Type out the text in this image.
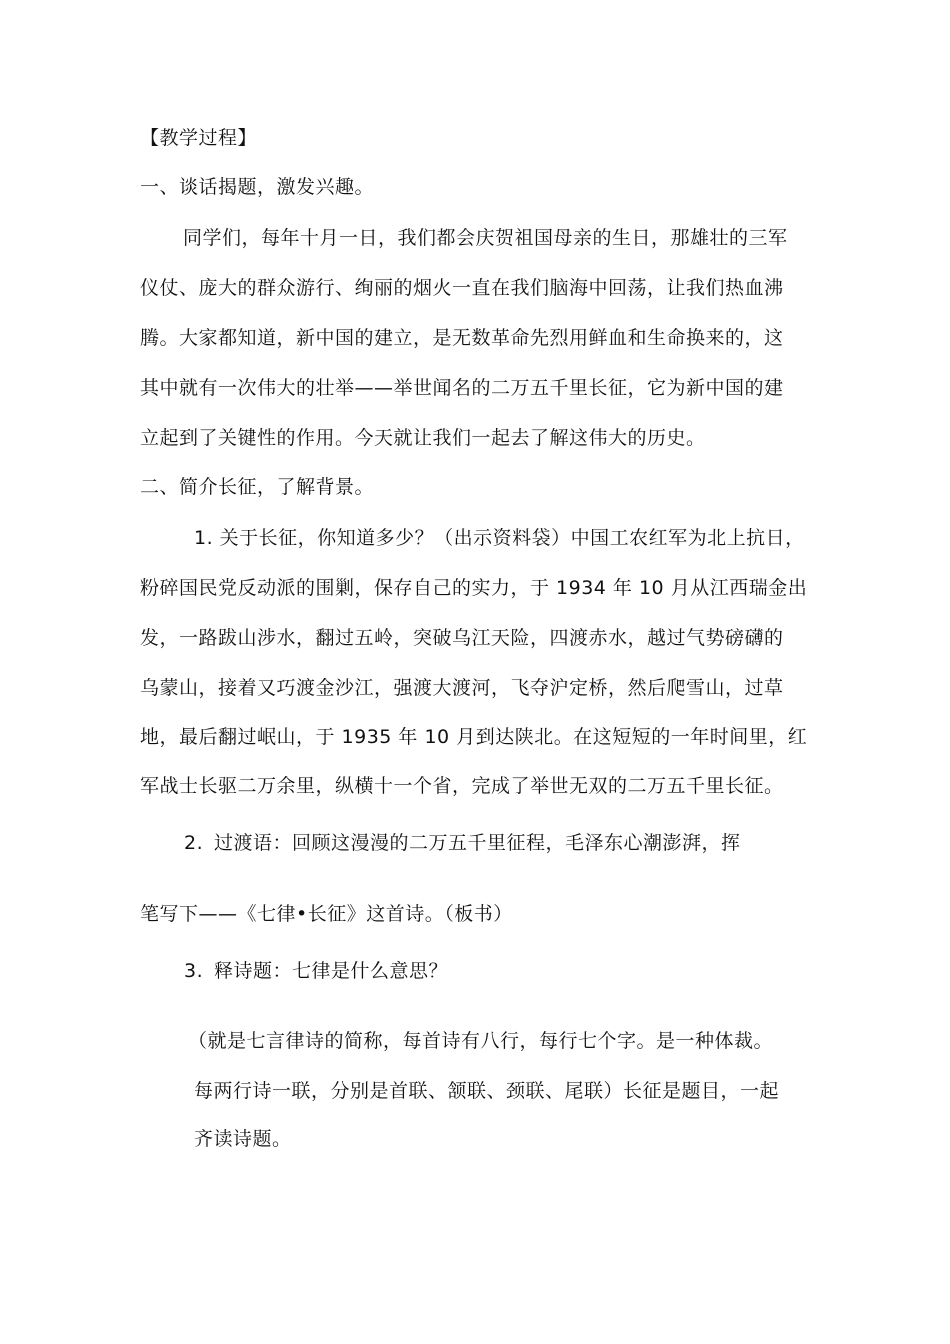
【教学过程】
一、谈话揭题，激发兴趣。
同学们，每年十月一日，我们都会庆贺祖国母亲的生日，那雄壮的三军
仪仗、庞大的群众游行、绚丽的烟火一直在我们脑海中回荡，让我们热血沸
腾。大家都知道，新中国的建立，是无数革命先烈用鲜血和生命换来的，这
其中就有一次伟大的壮举——举世闻名的二万五千里长征，它为新中国的建
立起到了关键性的作用。今天就让我们一起去了解这伟大的历史。
二、简介长征，了解背景。
1. 关于长征，你知道多少？（出示资料袋）中国工农红军为北上抗日，
粉碎国民党反动派的围剿，保存自己的实力，于 1934 年 10 月从江西瑞金出
发，一路跋山涉水，翻过五岭，突破乌江天险，四渡赤水，越过气势磅礴的
乌蒙山，接着又巧渡金沙江，强渡大渡河，飞夺沪定桥，然后爬雪山，过草
地，最后翻过岷山，于 1935 年 10 月到达陕北。在这短短的一年时间里，红
军战士长驱二万余里，纵横十一个省，完成了举世无双的二万五千里长征。
2. 过渡语：回顾这漫漫的二万五千里征程，毛泽东心潮澎湃，挥
笔写下——《七律•长征》这首诗。（板书）
3. 释诗题：七律是什么意思？
（就是七言律诗的简称，每首诗有八行，每行七个字。是一种体裁。
每两行诗一联，分别是首联、颔联、颈联、尾联）长征是题目，一起
齐读诗题。
